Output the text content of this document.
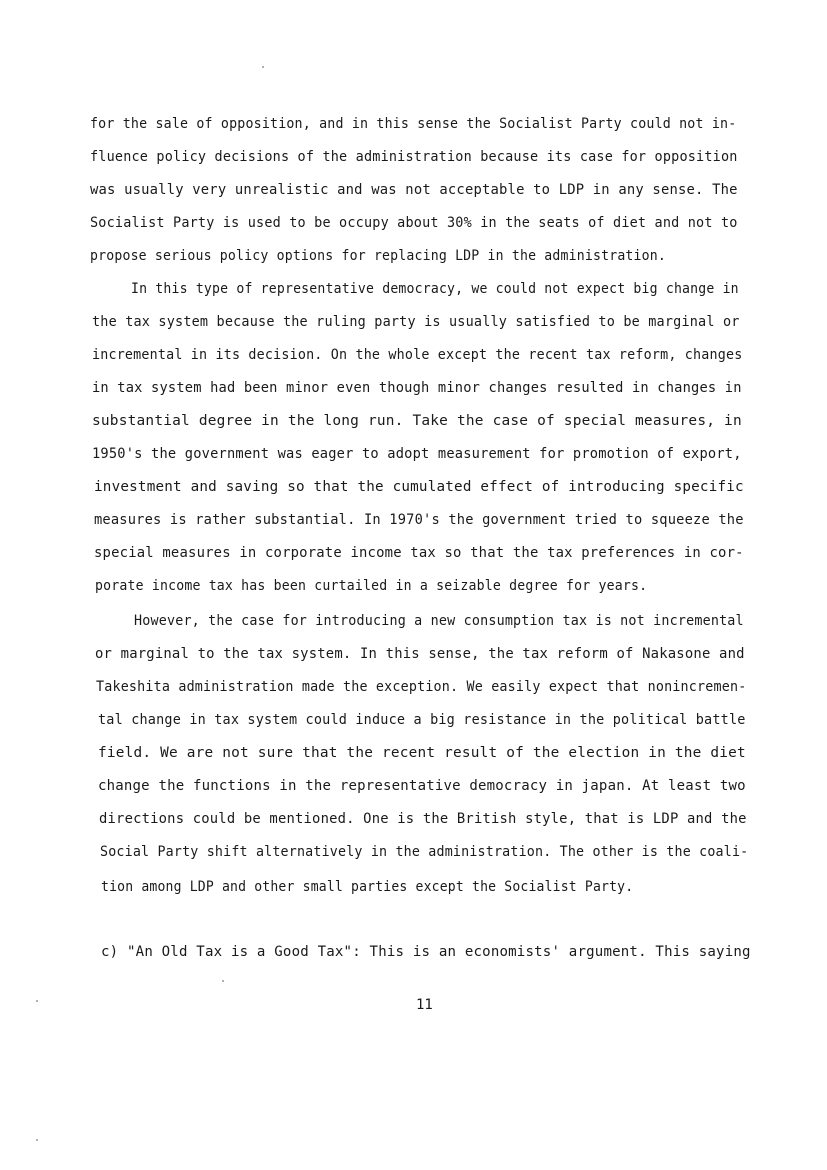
for the sale of opposition, and in this sense the Socialist Party could not in-
fluence policy decisions of the administration because its case for opposition
was usually very unrealistic and was not acceptable to LDP in any sense. The
Socialist Party is used to be occupy about 30% in the seats of diet and not to
propose serious policy options for replacing LDP in the administration.
In this type of representative democracy, we could not expect big change in
the tax system because the ruling party is usually satisfied to be marginal or
incremental in its decision. On the whole except the recent tax reform, changes
in tax system had been minor even though minor changes resulted in changes in
substantial degree in the long run. Take the case of special measures, in
1950's the government was eager to adopt measurement for promotion of export,
investment and saving so that the cumulated effect of introducing specific
measures is rather substantial. In 1970's the government tried to squeeze the
special measures in corporate income tax so that the tax preferences in cor-
porate income tax has been curtailed in a seizable degree for years.
However, the case for introducing a new consumption tax is not incremental
or marginal to the tax system. In this sense, the tax reform of Nakasone and
Takeshita administration made the exception. We easily expect that nonincremen-
tal change in tax system could induce a big resistance in the political battle
field. We are not sure that the recent result of the election in the diet
change the functions in the representative democracy in japan. At least two
directions could be mentioned. One is the British style, that is LDP and the
Social Party shift alternatively in the administration. The other is the coali-
tion among LDP and other small parties except the Socialist Party.
c) "An Old Tax is a Good Tax": This is an economists' argument. This saying
11
